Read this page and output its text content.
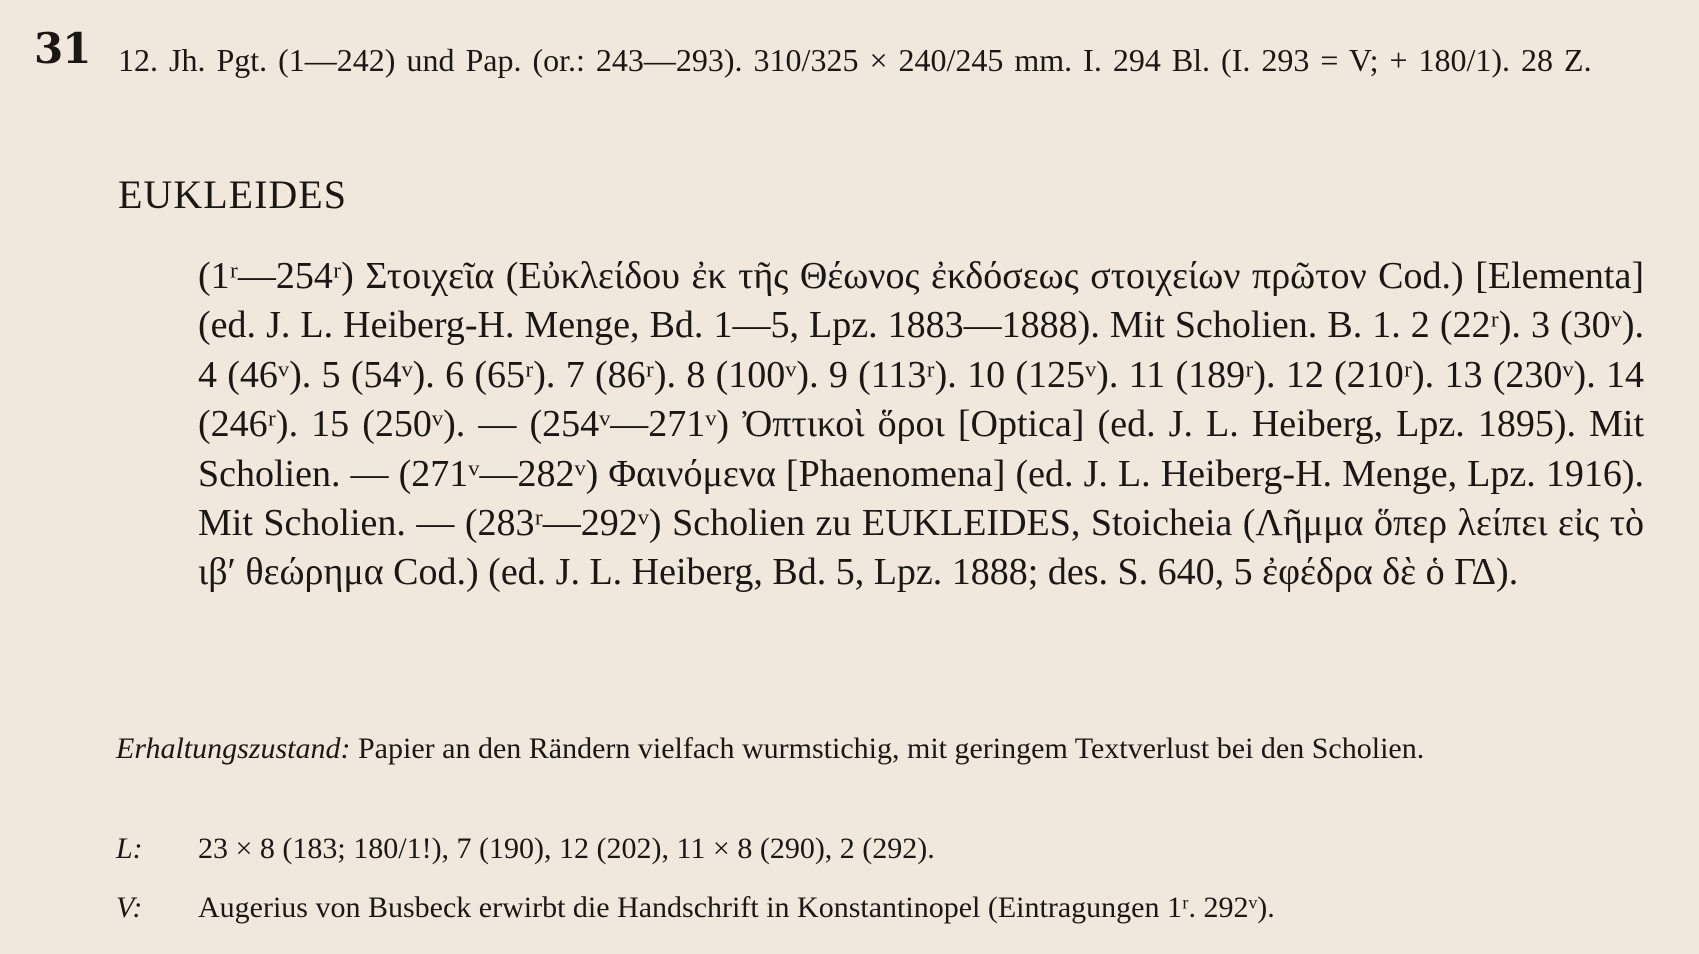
31 12. Jh. Pgt. (1—242) und Pap. (or.: 243—293). 310/325 × 240/245 mm. I. 294 Bl. (I. 293 = V; + 180/1). 28 Z.
EUKLEIDES
(1ʳ—254ʳ) Στοιχεῖα (Εὐκλείδου ἐκ τῆς Θέωνος ἐκδόσεως στοιχείων πρῶτον Cod.) [Elementa] (ed. J. L. Heiberg-H. Menge, Bd. 1—5, Lpz. 1883—1888). Mit Scholien. B. 1. 2 (22ʳ). 3 (30ᵛ). 4 (46ᵛ). 5 (54ᵛ). 6 (65ʳ). 7 (86ʳ). 8 (100ᵛ). 9 (113ʳ). 10 (125ᵛ). 11 (189ʳ). 12 (210ʳ). 13 (230ᵛ). 14 (246ʳ). 15 (250ᵛ). — (254ᵛ—271ᵛ) Ὀπτικοὶ ὅροι [Optica] (ed. J. L. Heiberg, Lpz. 1895). Mit Scholien. — (271ᵛ—282ᵛ) Φαινόμενα [Phaenomena] (ed. J. L. Heiberg-H. Menge, Lpz. 1916). Mit Scholien. — (283ʳ—292ᵛ) Scholien zu EUKLEIDES, Stoicheia (Λῆμμα ὅπερ λείπει εἰς τὸ ιβʹ θεώρημα Cod.) (ed. J. L. Heiberg, Bd. 5, Lpz. 1888; des. S. 640, 5 ἐφέδρα δὲ ὁ ΓΔ).
Erhaltungszustand: Papier an den Rändern vielfach wurmstichig, mit geringem Textverlust bei den Scholien.
L: 23 × 8 (183; 180/1!), 7 (190), 12 (202), 11 × 8 (290), 2 (292).
V: Augerius von Busbeck erwirbt die Handschrift in Konstantinopel (Eintragungen 1ʳ. 292ᵛ).
